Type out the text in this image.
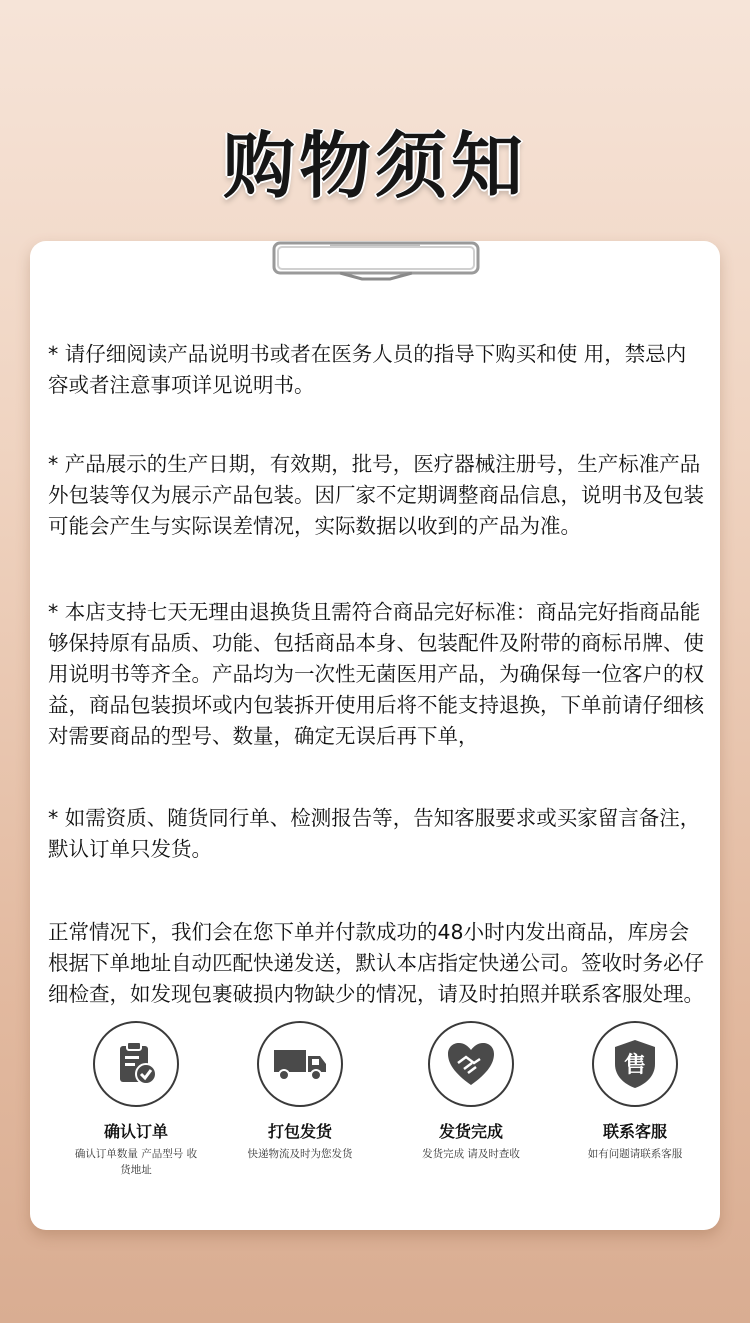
购物须知

* 请仔细阅读产品说明书或者在医务人员的指导下购买和使 用，禁忌内容或者注意事项详见说明书。

* 产品展示的生产日期，有效期，批号，医疗器械注册号，生产标准产品外包装等仅为展示产品包装。因厂家不定期调整商品信息，说明书及包装可能会产生与实际误差情况，实际数据以收到的产品为准。

* 本店支持七天无理由退换货且需符合商品完好标准：商品完好指商品能够保持原有品质、功能、包括商品本身、包装配件及附带的商标吊牌、使用说明书等齐全。产品均为一次性无菌医用产品，为确保每一位客户的权益，商品包装损坏或内包装拆开使用后将不能支持退换，下单前请仔细核对需要商品的型号、数量，确定无误后再下单，

* 如需资质、随货同行单、检测报告等，告知客服要求或买家留言备注，默认订单只发货。

正常情况下，我们会在您下单并付款成功的48小时内发出商品，库房会根据下单地址自动匹配快递发送，默认本店指定快递公司。签收时务必仔细检查，如发现包裹破损内物缺少的情况，请及时拍照并联系客服处理。

确认订单
确认订单数量 产品型号 收货地址
打包发货
快递物流及时为您发货
发货完成
发货完成 请及时查收
售
联系客服
如有问题请联系客服
